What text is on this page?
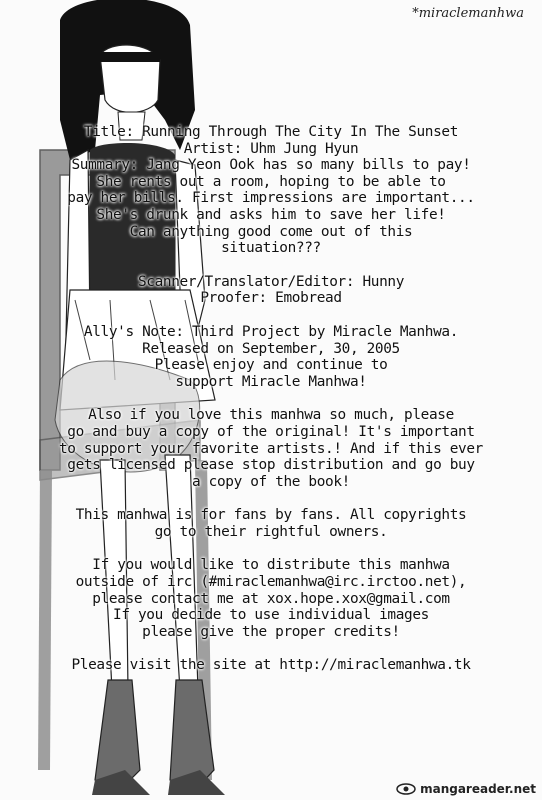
*miraclemanhwa
Title: Running Through The City In The Sunset
Artist: Uhm Jung Hyun
Summary: Jang Yeon Ook has so many bills to pay!
She rents out a room, hoping to be able to
pay her bills. First impressions are important...
She's drunk and asks him to save her life!
Can anything good come out of this
situation???
Scanner/Translator/Editor: Hunny
Proofer: Emobread
Ally's Note: Third Project by Miracle Manhwa.
Released on September, 30, 2005
Please enjoy and continue to
support Miracle Manhwa!
Also if you love this manhwa so much, please
go and buy a copy of the original! It's important
to support your favorite artists.! And if this ever
gets licensed please stop distribution and go buy
a copy of the book!
This manhwa is for fans by fans. All copyrights
go to their rightful owners.
If you would like to distribute this manhwa
outside of irc (#miraclemanhwa@irc.irctoo.net),
please contact me at xox.hope.xox@gmail.com
If you decide to use individual images
please give the proper credits!
Please visit the site at http://miraclemanhwa.tk
mangareader.net
